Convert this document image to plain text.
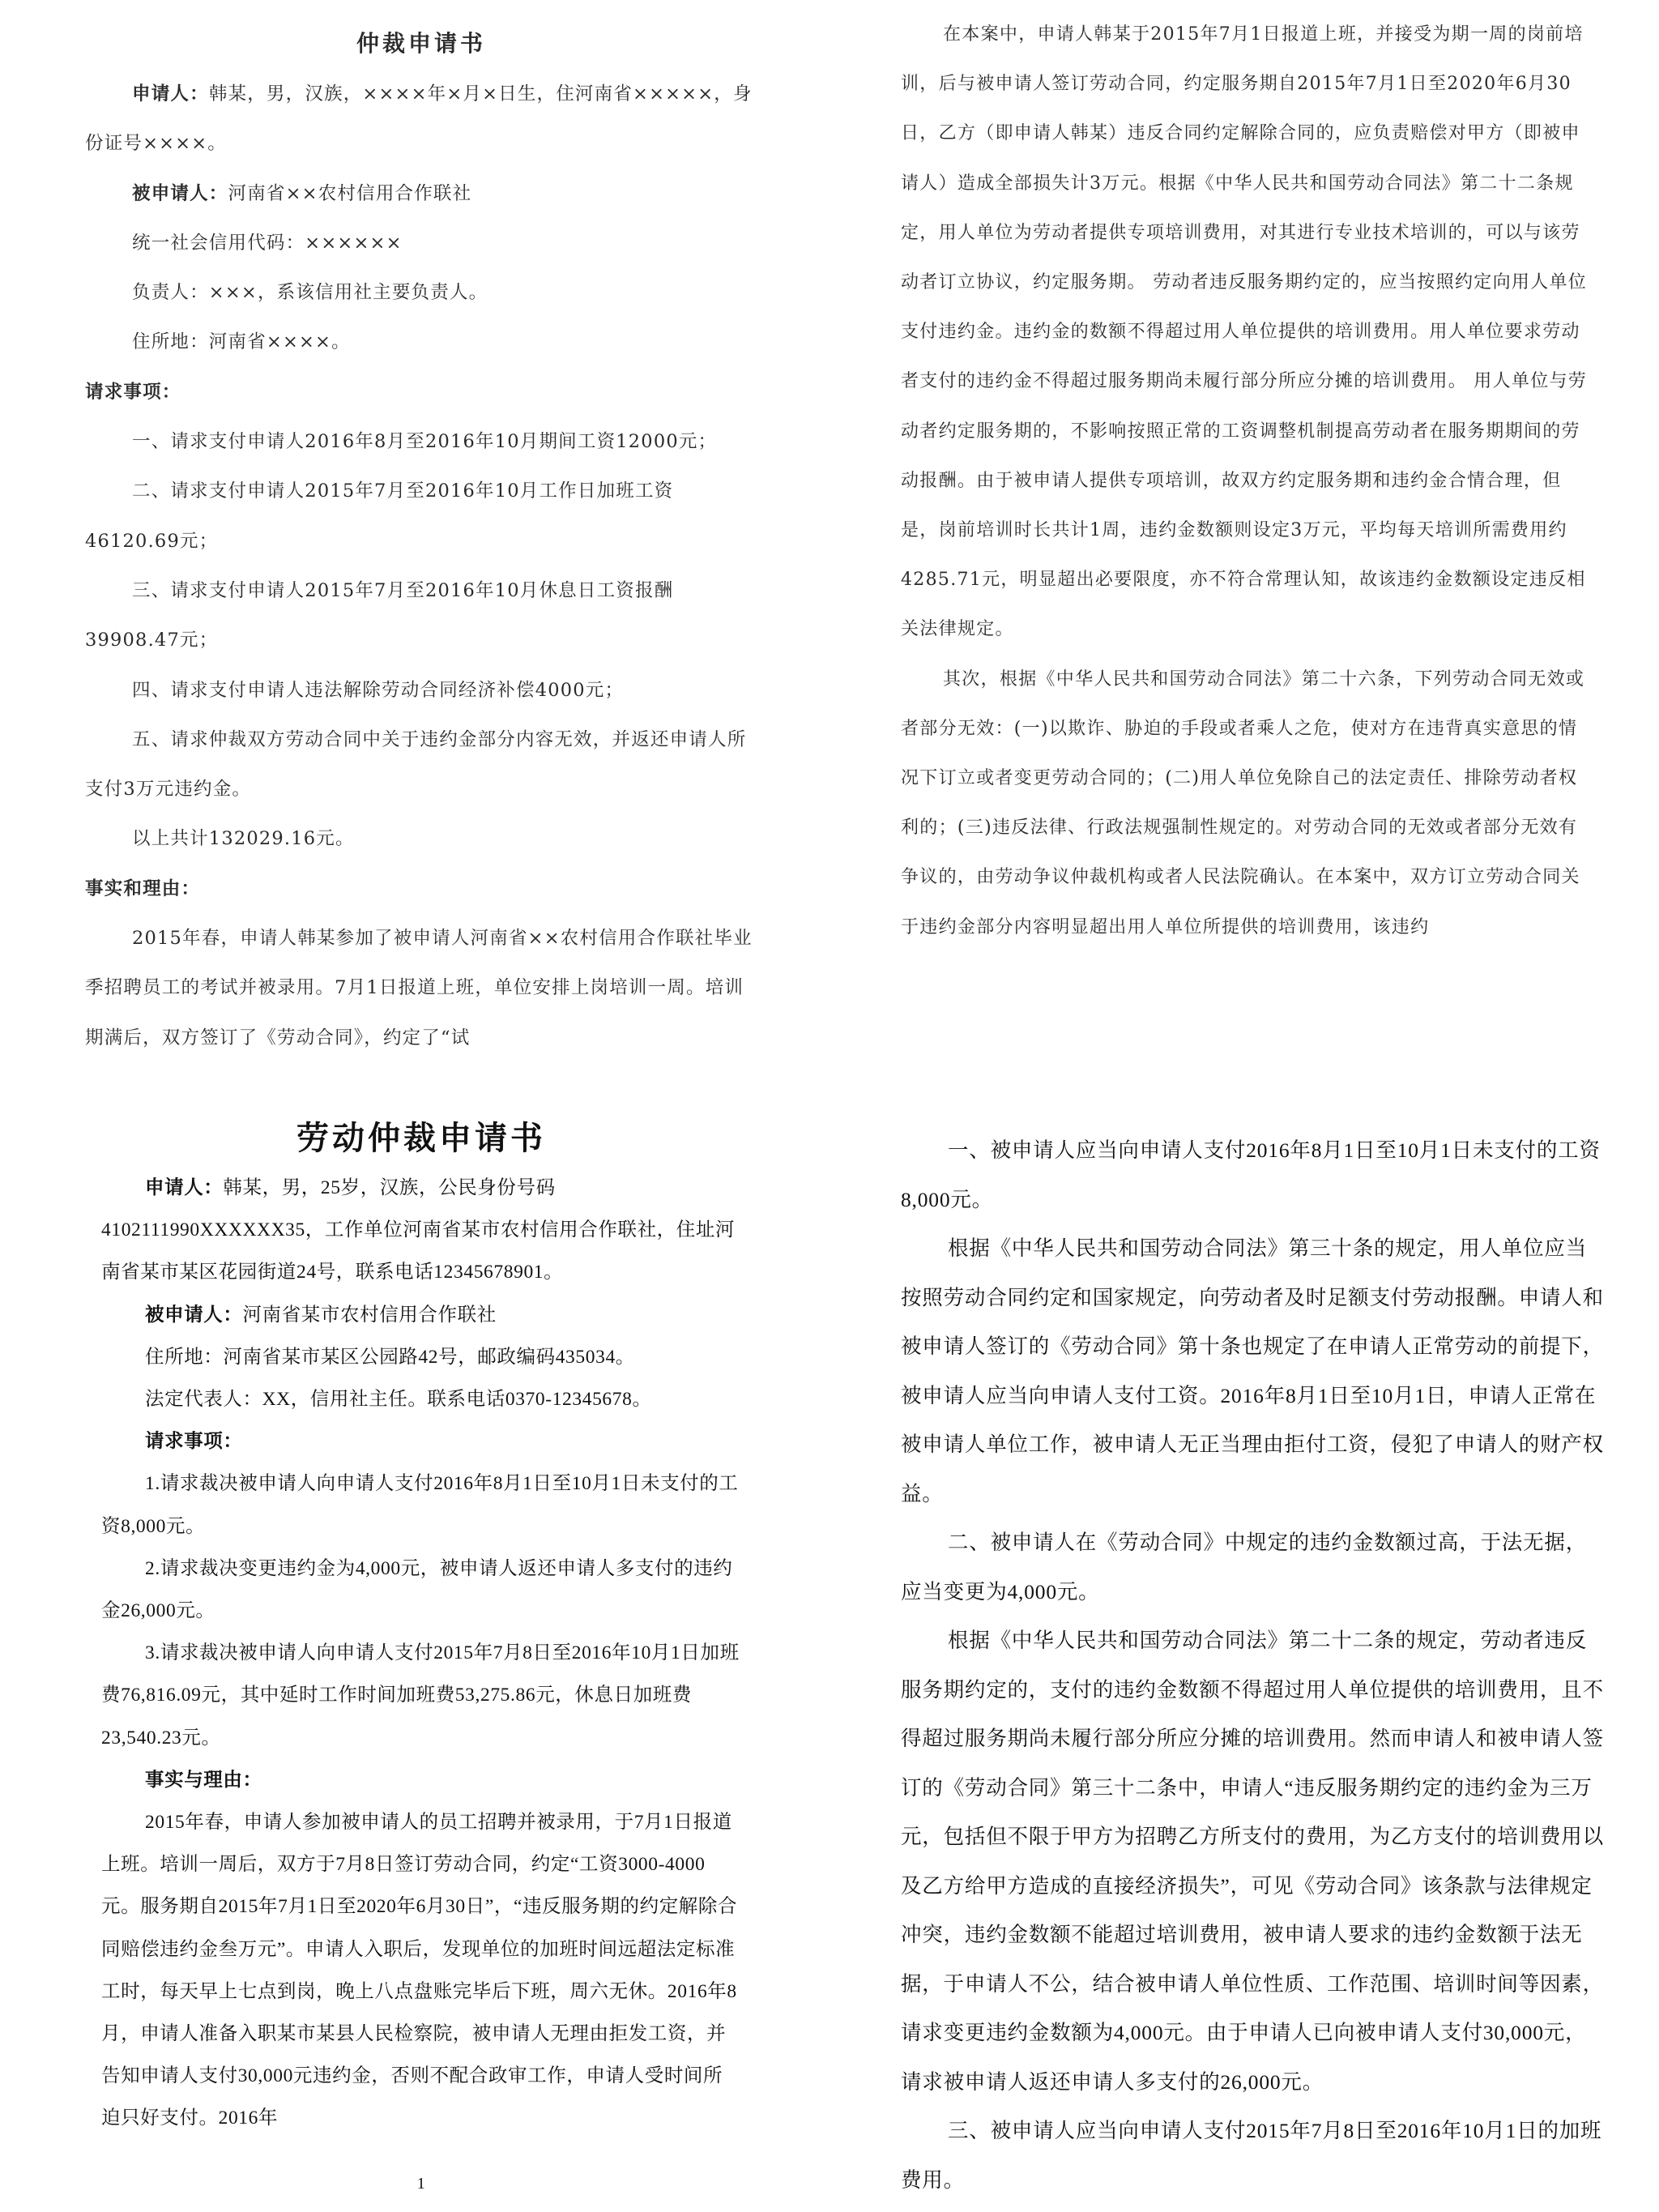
仲裁申请书

申请人：韩某，男，汉族，××××年×月×日生，住河南省×××××，身份证号××××。

被申请人：河南省××农村信用合作联社

统一社会信用代码：××××××

负责人：×××，系该信用社主要负责人。

住所地：河南省××××。

请求事项：

一、请求支付申请人2016年8月至2016年10月期间工资12000元；

二、请求支付申请人2015年7月至2016年10月工作日加班工资46120.69元；

三、请求支付申请人2015年7月至2016年10月休息日工资报酬39908.47元；

四、请求支付申请人违法解除劳动合同经济补偿4000元；

五、请求仲裁双方劳动合同中关于违约金部分内容无效，并返还申请人所支付3万元违约金。

以上共计132029.16元。

事实和理由：

2015年春，申请人韩某参加了被申请人河南省××农村信用合作联社毕业季招聘员工的考试并被录用。7月1日报道上班，单位安排上岗培训一周。培训期满后，双方签订了《劳动合同》，约定了“试

在本案中，申请人韩某于2015年7月1日报道上班，并接受为期一周的岗前培训，后与被申请人签订劳动合同，约定服务期自2015年7月1日至2020年6月30日，乙方（即申请人韩某）违反合同约定解除合同的，应负责赔偿对甲方（即被申请人）造成全部损失计3万元。根据《中华人民共和国劳动合同法》第二十二条规定，用人单位为劳动者提供专项培训费用，对其进行专业技术培训的，可以与该劳动者订立协议，约定服务期。 劳动者违反服务期约定的，应当按照约定向用人单位支付违约金。违约金的数额不得超过用人单位提供的培训费用。用人单位要求劳动者支付的违约金不得超过服务期尚未履行部分所应分摊的培训费用。 用人单位与劳动者约定服务期的，不影响按照正常的工资调整机制提高劳动者在服务期期间的劳动报酬。由于被申请人提供专项培训，故双方约定服务期和违约金合情合理，但是，岗前培训时长共计1周，违约金数额则设定3万元，平均每天培训所需费用约4285.71元，明显超出必要限度，亦不符合常理认知，故该违约金数额设定违反相关法律规定。

其次，根据《中华人民共和国劳动合同法》第二十六条，下列劳动合同无效或者部分无效：(一)以欺诈、胁迫的手段或者乘人之危，使对方在违背真实意思的情况下订立或者变更劳动合同的；(二)用人单位免除自己的法定责任、排除劳动者权利的；(三)违反法律、行政法规强制性规定的。对劳动合同的无效或者部分无效有争议的，由劳动争议仲裁机构或者人民法院确认。在本案中，双方订立劳动合同关于违约金部分内容明显超出用人单位所提供的培训费用，该违约

劳动仲裁申请书

申请人：韩某，男，25岁，汉族，公民身份号码4102111990XXXXXX35，工作单位河南省某市农村信用合作联社，住址河南省某市某区花园街道24号，联系电话12345678901。

被申请人：河南省某市农村信用合作联社

住所地：河南省某市某区公园路42号，邮政编码435034。

法定代表人：XX，信用社主任。联系电话0370-12345678。

请求事项：

1.请求裁决被申请人向申请人支付2016年8月1日至10月1日未支付的工资8,000元。

2.请求裁决变更违约金为4,000元，被申请人返还申请人多支付的违约金26,000元。

3.请求裁决被申请人向申请人支付2015年7月8日至2016年10月1日加班费76,816.09元，其中延时工作时间加班费53,275.86元，休息日加班费23,540.23元。

事实与理由：

2015年春，申请人参加被申请人的员工招聘并被录用，于7月1日报道上班。培训一周后，双方于7月8日签订劳动合同，约定“工资3000-4000元。服务期自2015年7月1日至2020年6月30日”，“违反服务期的约定解除合同赔偿违约金叁万元”。申请人入职后，发现单位的加班时间远超法定标准工时，每天早上七点到岗，晚上八点盘账完毕后下班，周六无休。2016年8月，申请人准备入职某市某县人民检察院，被申请人无理由拒发工资，并告知申请人支付30,000元违约金，否则不配合政审工作，申请人受时间所迫只好支付。2016年

1

一、被申请人应当向申请人支付2016年8月1日至10月1日未支付的工资8,000元。

根据《中华人民共和国劳动合同法》第三十条的规定，用人单位应当按照劳动合同约定和国家规定，向劳动者及时足额支付劳动报酬。申请人和被申请人签订的《劳动合同》第十条也规定了在申请人正常劳动的前提下，被申请人应当向申请人支付工资。2016年8月1日至10月1日，申请人正常在被申请人单位工作，被申请人无正当理由拒付工资，侵犯了申请人的财产权益。

二、被申请人在《劳动合同》中规定的违约金数额过高，于法无据，应当变更为4,000元。

根据《中华人民共和国劳动合同法》第二十二条的规定，劳动者违反服务期约定的，支付的违约金数额不得超过用人单位提供的培训费用，且不得超过服务期尚未履行部分所应分摊的培训费用。然而申请人和被申请人签订的《劳动合同》第三十二条中，申请人“违反服务期约定的违约金为三万元，包括但不限于甲方为招聘乙方所支付的费用，为乙方支付的培训费用以及乙方给甲方造成的直接经济损失”，可见《劳动合同》该条款与法律规定冲突，违约金数额不能超过培训费用，被申请人要求的违约金数额于法无据，于申请人不公，结合被申请人单位性质、工作范围、培训时间等因素，请求变更违约金数额为4,000元。由于申请人已向被申请人支付30,000元，请求被申请人返还申请人多支付的26,000元。

三、被申请人应当向申请人支付2015年7月8日至2016年10月1日的加班费用。
